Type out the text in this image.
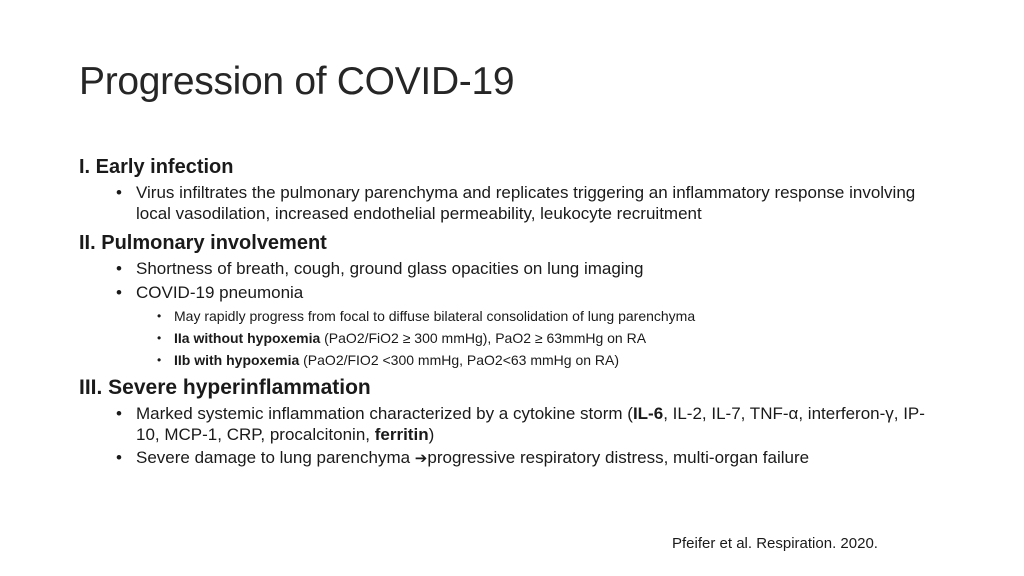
Progression of COVID-19
I. Early infection
• Virus infiltrates the pulmonary parenchyma and replicates triggering an inflammatory response involving local vasodilation, increased endothelial permeability, leukocyte recruitment
II. Pulmonary involvement
• Shortness of breath, cough, ground glass opacities on lung imaging
• COVID-19 pneumonia
• May rapidly progress from focal to diffuse bilateral consolidation of lung parenchyma
• IIa without hypoxemia (PaO2/FiO2 ≥ 300 mmHg), PaO2 ≥ 63mmHg on RA
• IIb with hypoxemia (PaO2/FIO2 <300 mmHg, PaO2<63 mmHg on RA)
III. Severe hyperinflammation
• Marked systemic inflammation characterized by a cytokine storm (IL-6, IL-2, IL-7, TNF-α, interferon-γ, IP-10, MCP-1, CRP, procalcitonin, ferritin)
• Severe damage to lung parenchyma ➔progressive respiratory distress, multi-organ failure
Pfeifer et al. Respiration. 2020.
